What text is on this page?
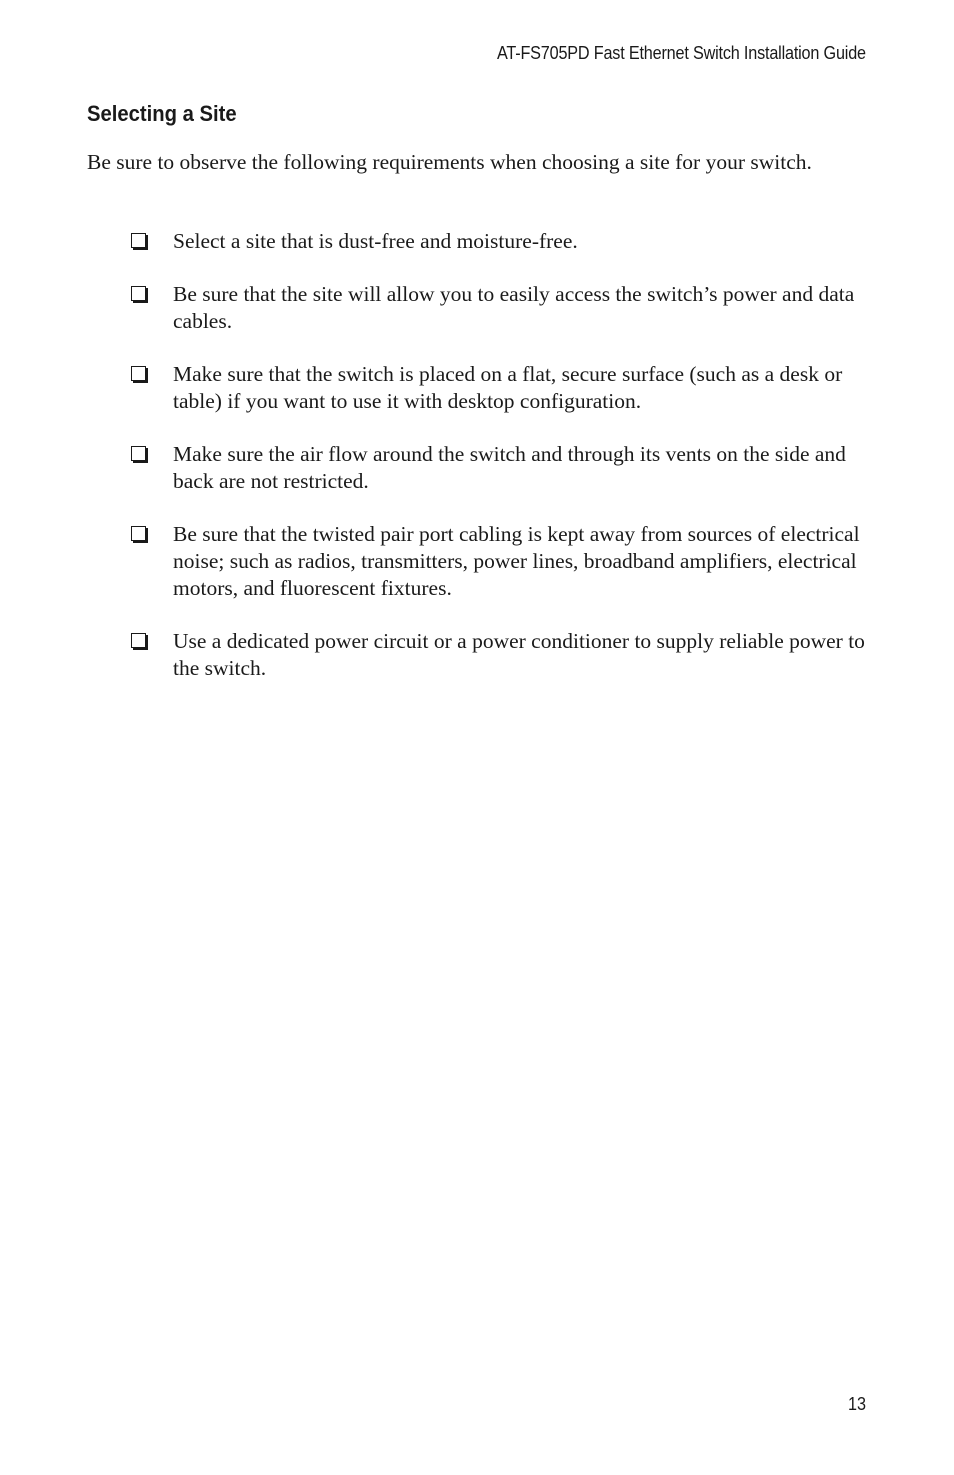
AT-FS705PD Fast Ethernet Switch Installation Guide
Selecting a Site

Be sure to observe the following requirements when choosing a site for your switch.

Select a site that is dust-free and moisture-free.
Be sure that the site will allow you to easily access the switch’s power and data cables.
Make sure that the switch is placed on a flat, secure surface (such as a desk or table) if you want to use it with desktop configuration.
Make sure the air flow around the switch and through its vents on the side and back are not restricted.
Be sure that the twisted pair port cabling is kept away from sources of electrical noise; such as radios, transmitters, power lines, broadband amplifiers, electrical motors, and fluorescent fixtures.
Use a dedicated power circuit or a power conditioner to supply reliable power to the switch.
13
